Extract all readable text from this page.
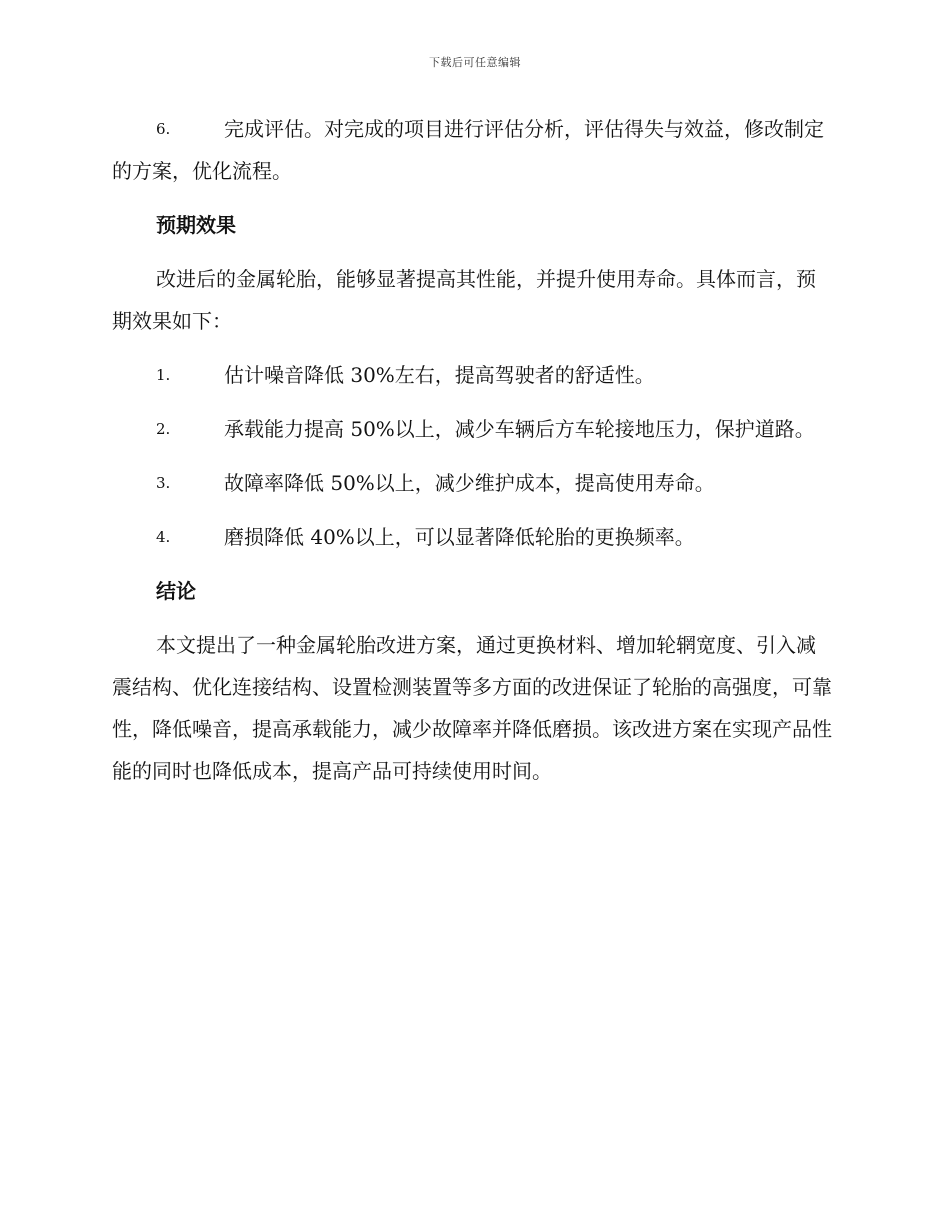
下载后可任意编辑
6.	完成评估。对完成的项目进行评估分析，评估得失与效益，修改制定的方案，优化流程。
预期效果
改进后的金属轮胎，能够显著提高其性能，并提升使用寿命。具体而言，预期效果如下：
1.	估计噪音降低 30%左右，提高驾驶者的舒适性。
2.	承载能力提高 50%以上，减少车辆后方车轮接地压力，保护道路。
3.	故障率降低 50%以上，减少维护成本，提高使用寿命。
4.	磨损降低 40%以上，可以显著降低轮胎的更换频率。
结论
本文提出了一种金属轮胎改进方案，通过更换材料、增加轮辋宽度、引入减震结构、优化连接结构、设置检测装置等多方面的改进保证了轮胎的高强度，可靠性，降低噪音，提高承载能力，减少故障率并降低磨损。该改进方案在实现产品性能的同时也降低成本，提高产品可持续使用时间。
